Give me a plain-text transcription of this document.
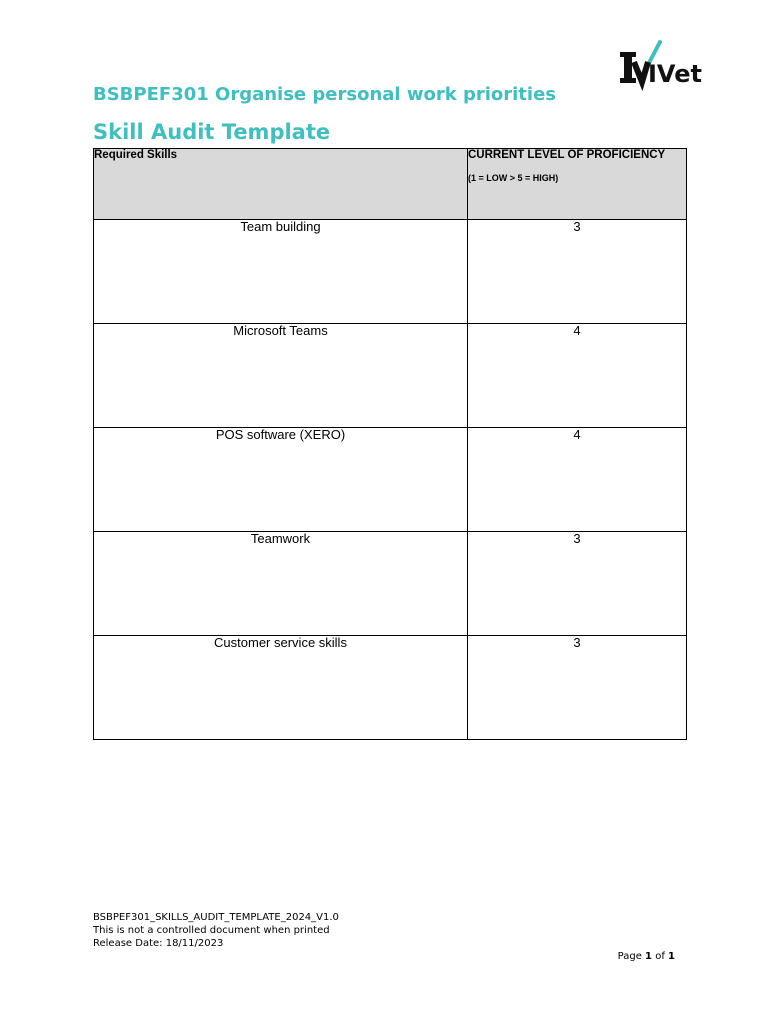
IVet
BSBPEF301 Organise personal work priorities
Skill Audit Template
Required Skills	CURRENT LEVEL OF PROFICIENCY
(1 = LOW > 5 = HIGH)

Team building	3

Microsoft Teams	4

POS software (XERO)	4

Teamwork	3

Customer service skills	3
BSBPEF301_SKILLS_AUDIT_TEMPLATE_2024_V1.0
This is not a controlled document when printed
Release Date: 18/11/2023
Page 1 of 1
